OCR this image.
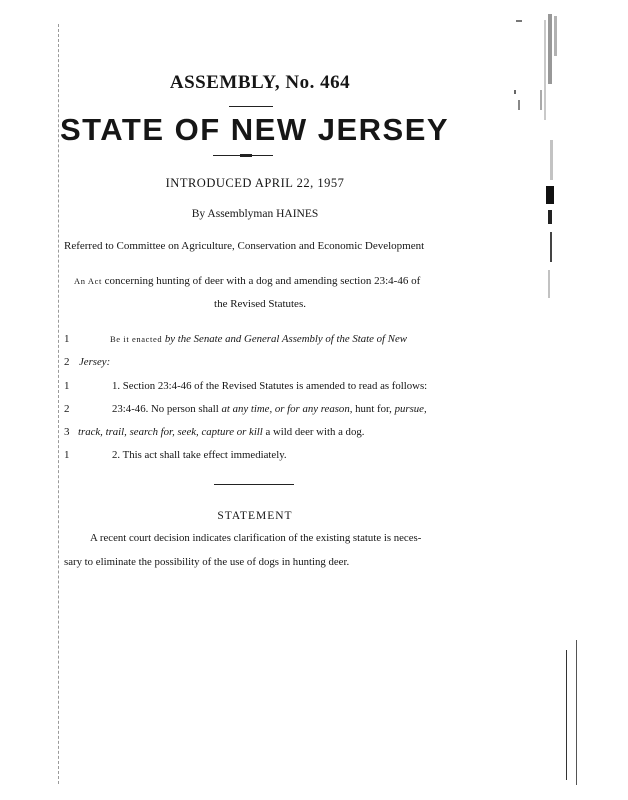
ASSEMBLY, No. 464
STATE OF NEW JERSEY
INTRODUCED APRIL 22, 1957
By Assemblyman HAINES
Referred to Committee on Agriculture, Conservation and Economic Development
An Act concerning hunting of deer with a dog and amending section 23:4-46 of
the Revised Statutes.
1	Be it enacted by the Senate and General Assembly of the State of New
2 Jersey:
1	1. Section 23:4-46 of the Revised Statutes is amended to read as follows:
2	23:4-46. No person shall at any time, or for any reason, hunt for, pursue,
3 track, trail, search for, seek, capture or kill a wild deer with a dog.
1	2. This act shall take effect immediately.
STATEMENT
A recent court decision indicates clarification of the existing statute is neces-
sary to eliminate the possibility of the use of dogs in hunting deer.
